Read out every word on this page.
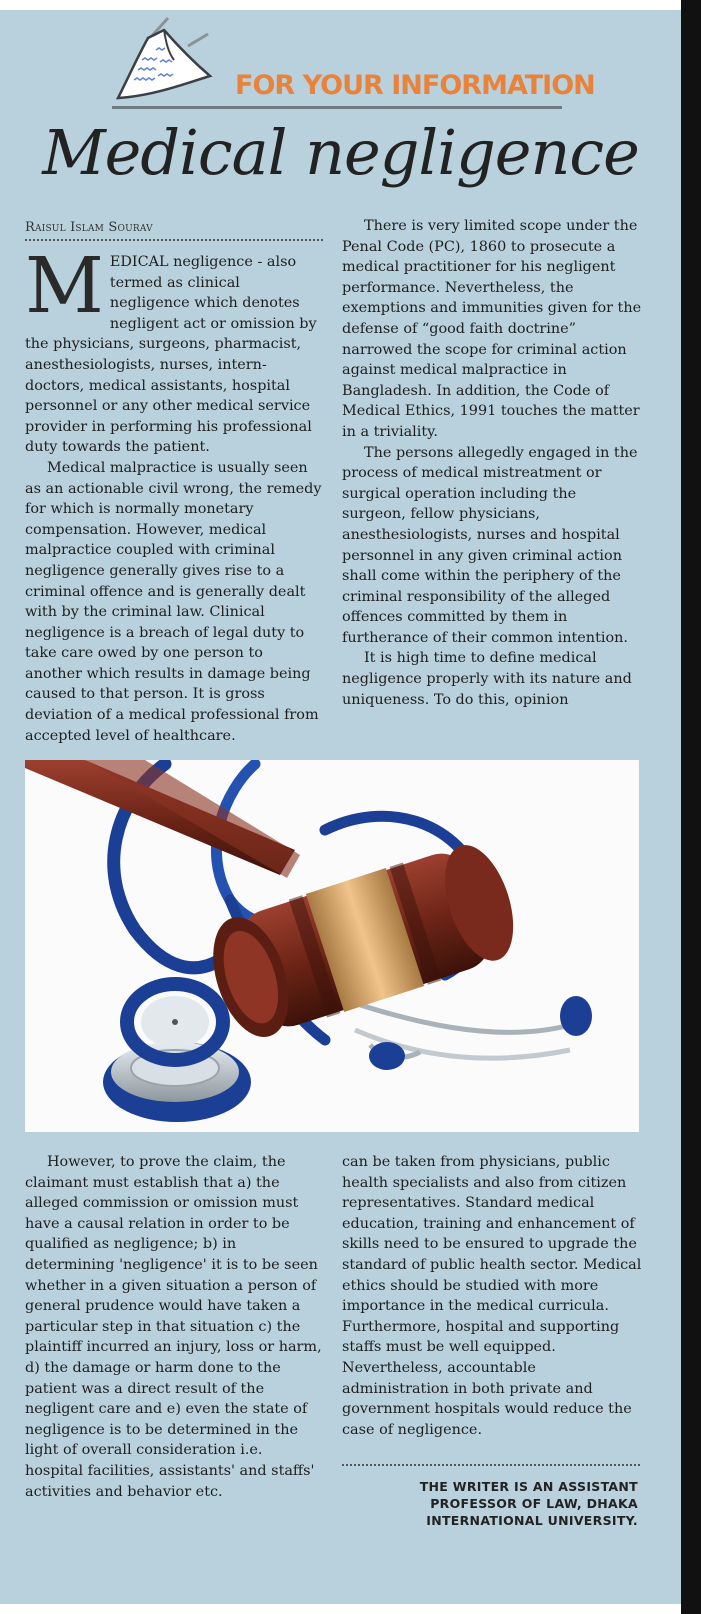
FOR YOUR INFORMATION
Medical negligence
Raisul Islam Sourav

MEDICAL negligence - also termed as clinical negligence which denotes negligent act or omission by the physicians, surgeons, pharmacist, anesthesiologists, nurses, intern-doctors, medical assistants, hospital personnel or any other medical service provider in performing his professional duty towards the patient.

Medical malpractice is usually seen as an actionable civil wrong, the remedy for which is normally monetary compensation. However, medical malpractice coupled with criminal negligence generally gives rise to a criminal offence and is generally dealt with by the criminal law. Clinical negligence is a breach of legal duty to take care owed by one person to another which results in damage being caused to that person. It is gross deviation of a medical professional from accepted level of healthcare.

There is very limited scope under the Penal Code (PC), 1860 to prosecute a medical practitioner for his negligent performance. Nevertheless, the exemptions and immunities given for the defense of “good faith doctrine” narrowed the scope for criminal action against medical malpractice in Bangladesh. In addition, the Code of Medical Ethics, 1991 touches the matter in a triviality.

The persons allegedly engaged in the process of medical mistreatment or surgical operation including the surgeon, fellow physicians, anesthesiologists, nurses and hospital personnel in any given criminal action shall come within the periphery of the criminal responsibility of the alleged offences committed by them in furtherance of their common intention.

It is high time to define medical negligence properly with its nature and uniqueness. To do this, opinion

However, to prove the claim, the claimant must establish that a) the alleged commission or omission must have a causal relation in order to be qualified as negligence; b) in determining 'negligence' it is to be seen whether in a given situation a person of general prudence would have taken a particular step in that situation c) the plaintiff incurred an injury, loss or harm, d) the damage or harm done to the patient was a direct result of the negligent care and e) even the state of negligence is to be determined in the light of overall consideration i.e. hospital facilities, assistants' and staffs' activities and behavior etc.

can be taken from physicians, public health specialists and also from citizen representatives. Standard medical education, training and enhancement of skills need to be ensured to upgrade the standard of public health sector. Medical ethics should be studied with more importance in the medical curricula. Furthermore, hospital and supporting staffs must be well equipped. Nevertheless, accountable administration in both private and government hospitals would reduce the case of negligence.

THE WRITER IS AN ASSISTANT PROFESSOR OF LAW, DHAKA INTERNATIONAL UNIVERSITY.
